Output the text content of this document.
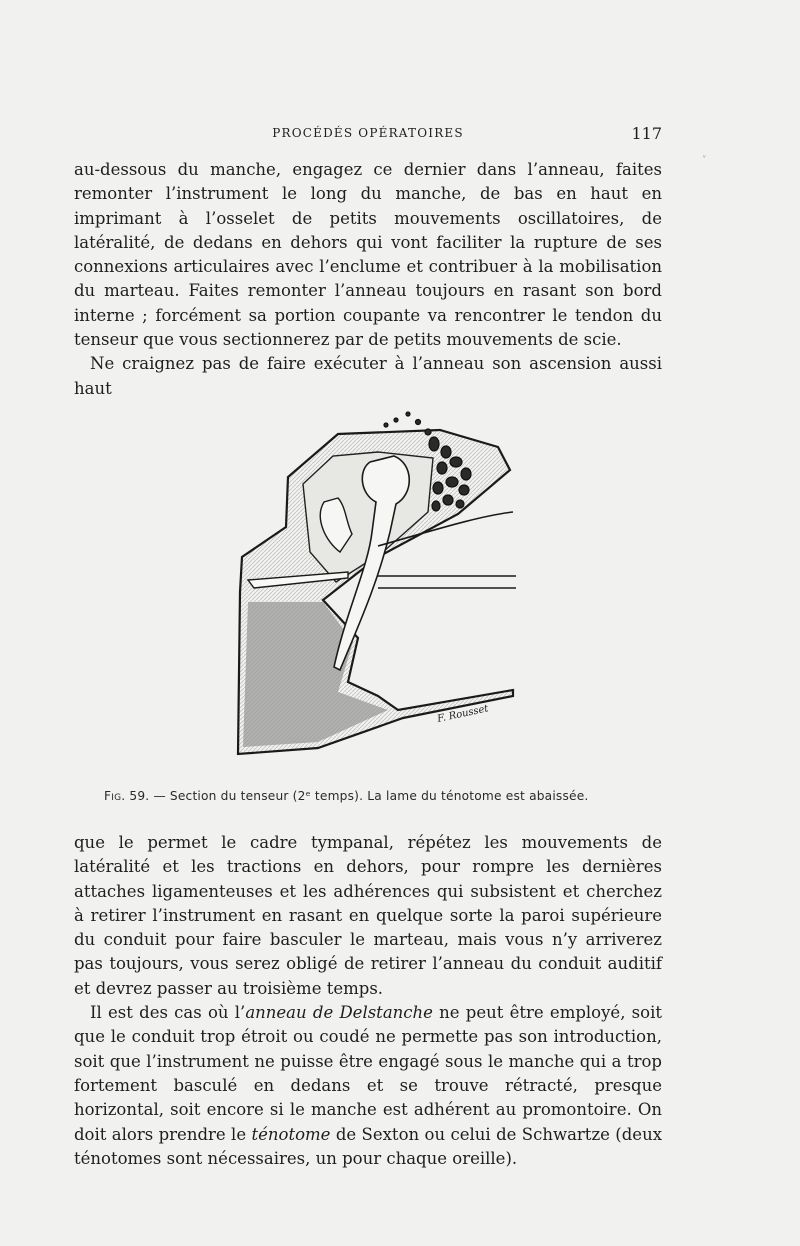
PROCÉDÉS OPÉRATOIRES	117
˅

au-dessous du manche, engagez ce dernier dans l’anneau, faites remonter l’instrument le long du manche, de bas en haut en imprimant à l’osselet de petits mouvements oscillatoires, de latéralité, de dedans en dehors qui vont faciliter la rupture de ses connexions articulaires avec l’enclume et contribuer à la mobilisation du marteau. Faites remonter l’anneau toujours en rasant son bord interne ; forcément sa portion coupante va rencontrer le tendon du tenseur que vous sectionnerez par de petits mouvements de scie.

Ne craignez pas de faire exécuter à l’anneau son ascension aussi haut

F. Rousset
Fig. 59. — Section du tenseur (2ᵉ temps). La lame du ténotome est abaissée.

que le permet le cadre tympanal, répétez les mouvements de latéralité et les tractions en dehors, pour rompre les dernières attaches ligamenteuses et les adhérences qui subsistent et cherchez à retirer l’instrument en rasant en quelque sorte la paroi supérieure du conduit pour faire basculer le marteau, mais vous n’y arriverez pas toujours, vous serez obligé de retirer l’anneau du conduit auditif et devrez passer au troisième temps.

Il est des cas où l’anneau de Delstanche ne peut être employé, soit que le conduit trop étroit ou coudé ne permette pas son introduction, soit que l’instrument ne puisse être engagé sous le manche qui a trop fortement basculé en dedans et se trouve rétracté, presque horizontal, soit encore si le manche est adhérent au promontoire. On doit alors prendre le ténotome de Sexton ou celui de Schwartze (deux ténotomes sont nécessaires, un pour chaque oreille).
